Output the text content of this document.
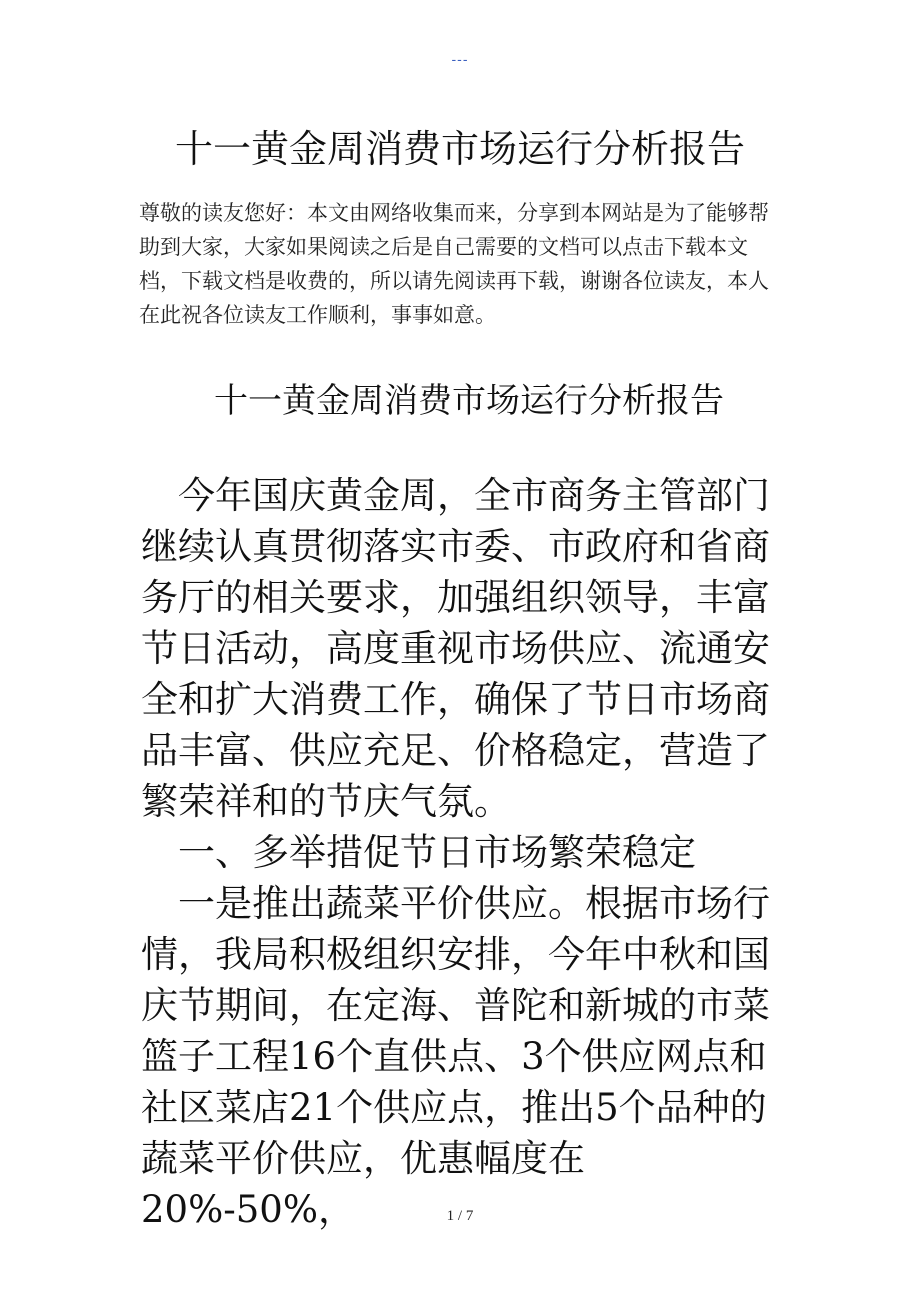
---
十一黄金周消费市场运行分析报告

尊敬的读友您好：本文由网络收集而来，分享到本网站是为了能够帮助到大家，大家如果阅读之后是自己需要的文档可以点击下载本文档，下载文档是收费的，所以请先阅读再下载，谢谢各位读友，本人在此祝各位读友工作顺利，事事如意。

十一黄金周消费市场运行分析报告

今年国庆黄金周，全市商务主管部门继续认真贯彻落实市委、市政府和省商务厅的相关要求，加强组织领导，丰富节日活动，高度重视市场供应、流通安全和扩大消费工作，确保了节日市场商品丰富、供应充足、价格稳定，营造了繁荣祥和的节庆气氛。

一、多举措促节日市场繁荣稳定

一是推出蔬菜平价供应。根据市场行情，我局积极组织安排，今年中秋和国庆节期间，在定海、普陀和新城的市菜篮子工程16个直供点、3个供应网点和社区菜店21个供应点，推出5个品种的蔬菜平价供应，优惠幅度在20%-50%，	1 / 7
